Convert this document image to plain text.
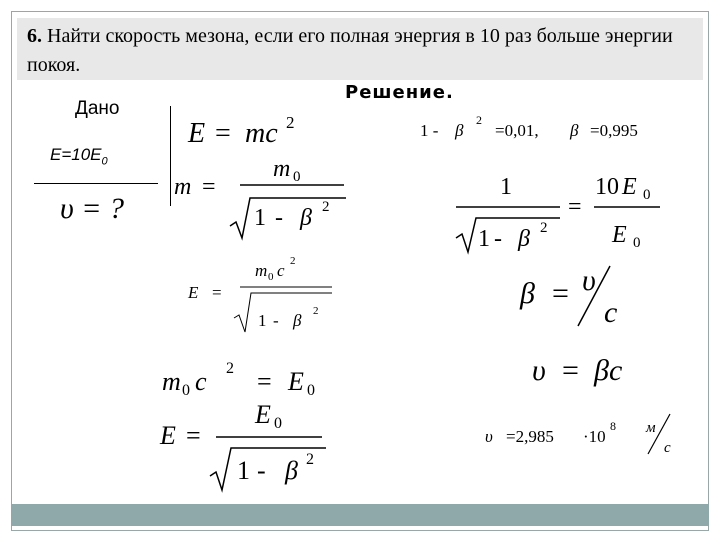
6. Найти скорость мезона, если его полная энергия в 10 раз больше энергии покоя.
Решение.
Дано
$E=10E_0$
υ = ?
E = mc 2
m =
m 0
1 - β 2
E =
m 0 c 2
1 - β 2
m 0 c 2 = E 0
E =
E 0
1 - β 2
1 - β
2
=0,01, β =0,995
1
1 - β 2
=
10 E 0
E 0
β = υ
c
υ = βc
υ =2,985 ·10
8 м
c
